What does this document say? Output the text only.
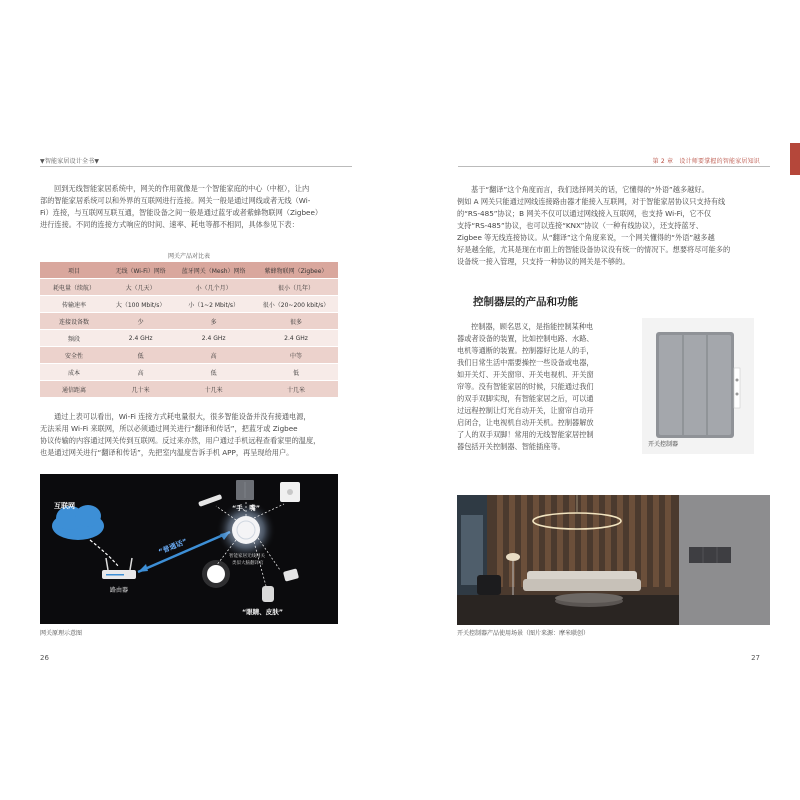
▼智能家居设计全书▼

回到无线智能家居系统中，网关的作用就像是一个智能家庭的中心（中枢），让内
部的智能家居系统可以和外界的互联网进行连接。网关一般是通过网线或者无线（Wi-
Fi）连接，与互联网互联互通，智能设备之间一般是通过蓝牙或者紫蜂物联网（Zigbee）
进行连接。不同的连接方式响应的时间、速率、耗电等都不相同，具体参见下表：

网关产品对比表
项目	无线（Wi-Fi）网络	蓝牙网关（Mesh）网络	紫蜂物联网（Zigbee）
耗电量（续航）	大（几天）	小（几个月）	很小（几年）
传输速率	大（100 Mbit/s）	小（1~2 Mbit/s）	很小（20~200 kbit/s）
连接设备数	少	多	很多
频段	2.4 GHz	2.4 GHz	2.4 GHz
安全性	低	高	中等
成本	高	低	低
通信距离	几十米	十几米	十几米

通过上表可以看出，Wi-Fi 连接方式耗电量很大，很多智能设备并没有接通电源，
无法采用 Wi-Fi 来联网，所以必须通过网关进行“翻译和传话”，把蓝牙或 Zigbee
协议传输的内容通过网关传到互联网。反过来亦然，用户通过手机远程查看家里的温度，
也是通过网关进行“翻译和传话”，先把室内温度告诉手机 APP，再呈现给用户。

互联网
路由器
“普通话”
智能家居无线网关
类似大脑翻译官
“手、嘴”
“眼睛、皮肤”
网关原理示意图
26
第 2 章　设计师要掌握的智能家居知识

基于“翻译”这个角度而言，我们选择网关的话，它懂得的“外语”越多越好。
例如 A 网关只能通过网线连接路由器才能接入互联网，对于智能家居协议只支持有线
的“RS-485”协议；B 网关不仅可以通过网线接入互联网，也支持 Wi-Fi，它不仅
支持“RS-485”协议，也可以连接“KNX”协议（一种有线协议），还支持蓝牙、
Zigbee 等无线连接协议。从“翻译”这个角度来说，一个网关懂得的“外语”越多越
好是越全能，尤其是现在市面上的智能设备协议没有统一的情况下。想要将尽可能多的
设备统一接入管理，只支持一种协议的网关是不够的。

控制器层的产品和功能

控制器，顾名思义，是指能控制某种电
器或者设备的装置，比如控制电路、水路、
电机等通断的装置。控制器好比是人的手，
我们日常生活中需要操控一些设备或电器，
如开关灯、开关窗帘、开关电视机、开关窗
帘等。没有智能家居的时候，只能通过我们
的双手双脚实现，有智能家居之后，可以通
过远程控制让灯光自动开关，让窗帘自动开
启闭合，让电视机自动开关机。控制器解放
了人的双手双脚！常用的无线智能家居控制
器包括开关控制器、智能插座等。	开关控制器
开关控制器产品使用场景（图片来源：摩米联创）
27
